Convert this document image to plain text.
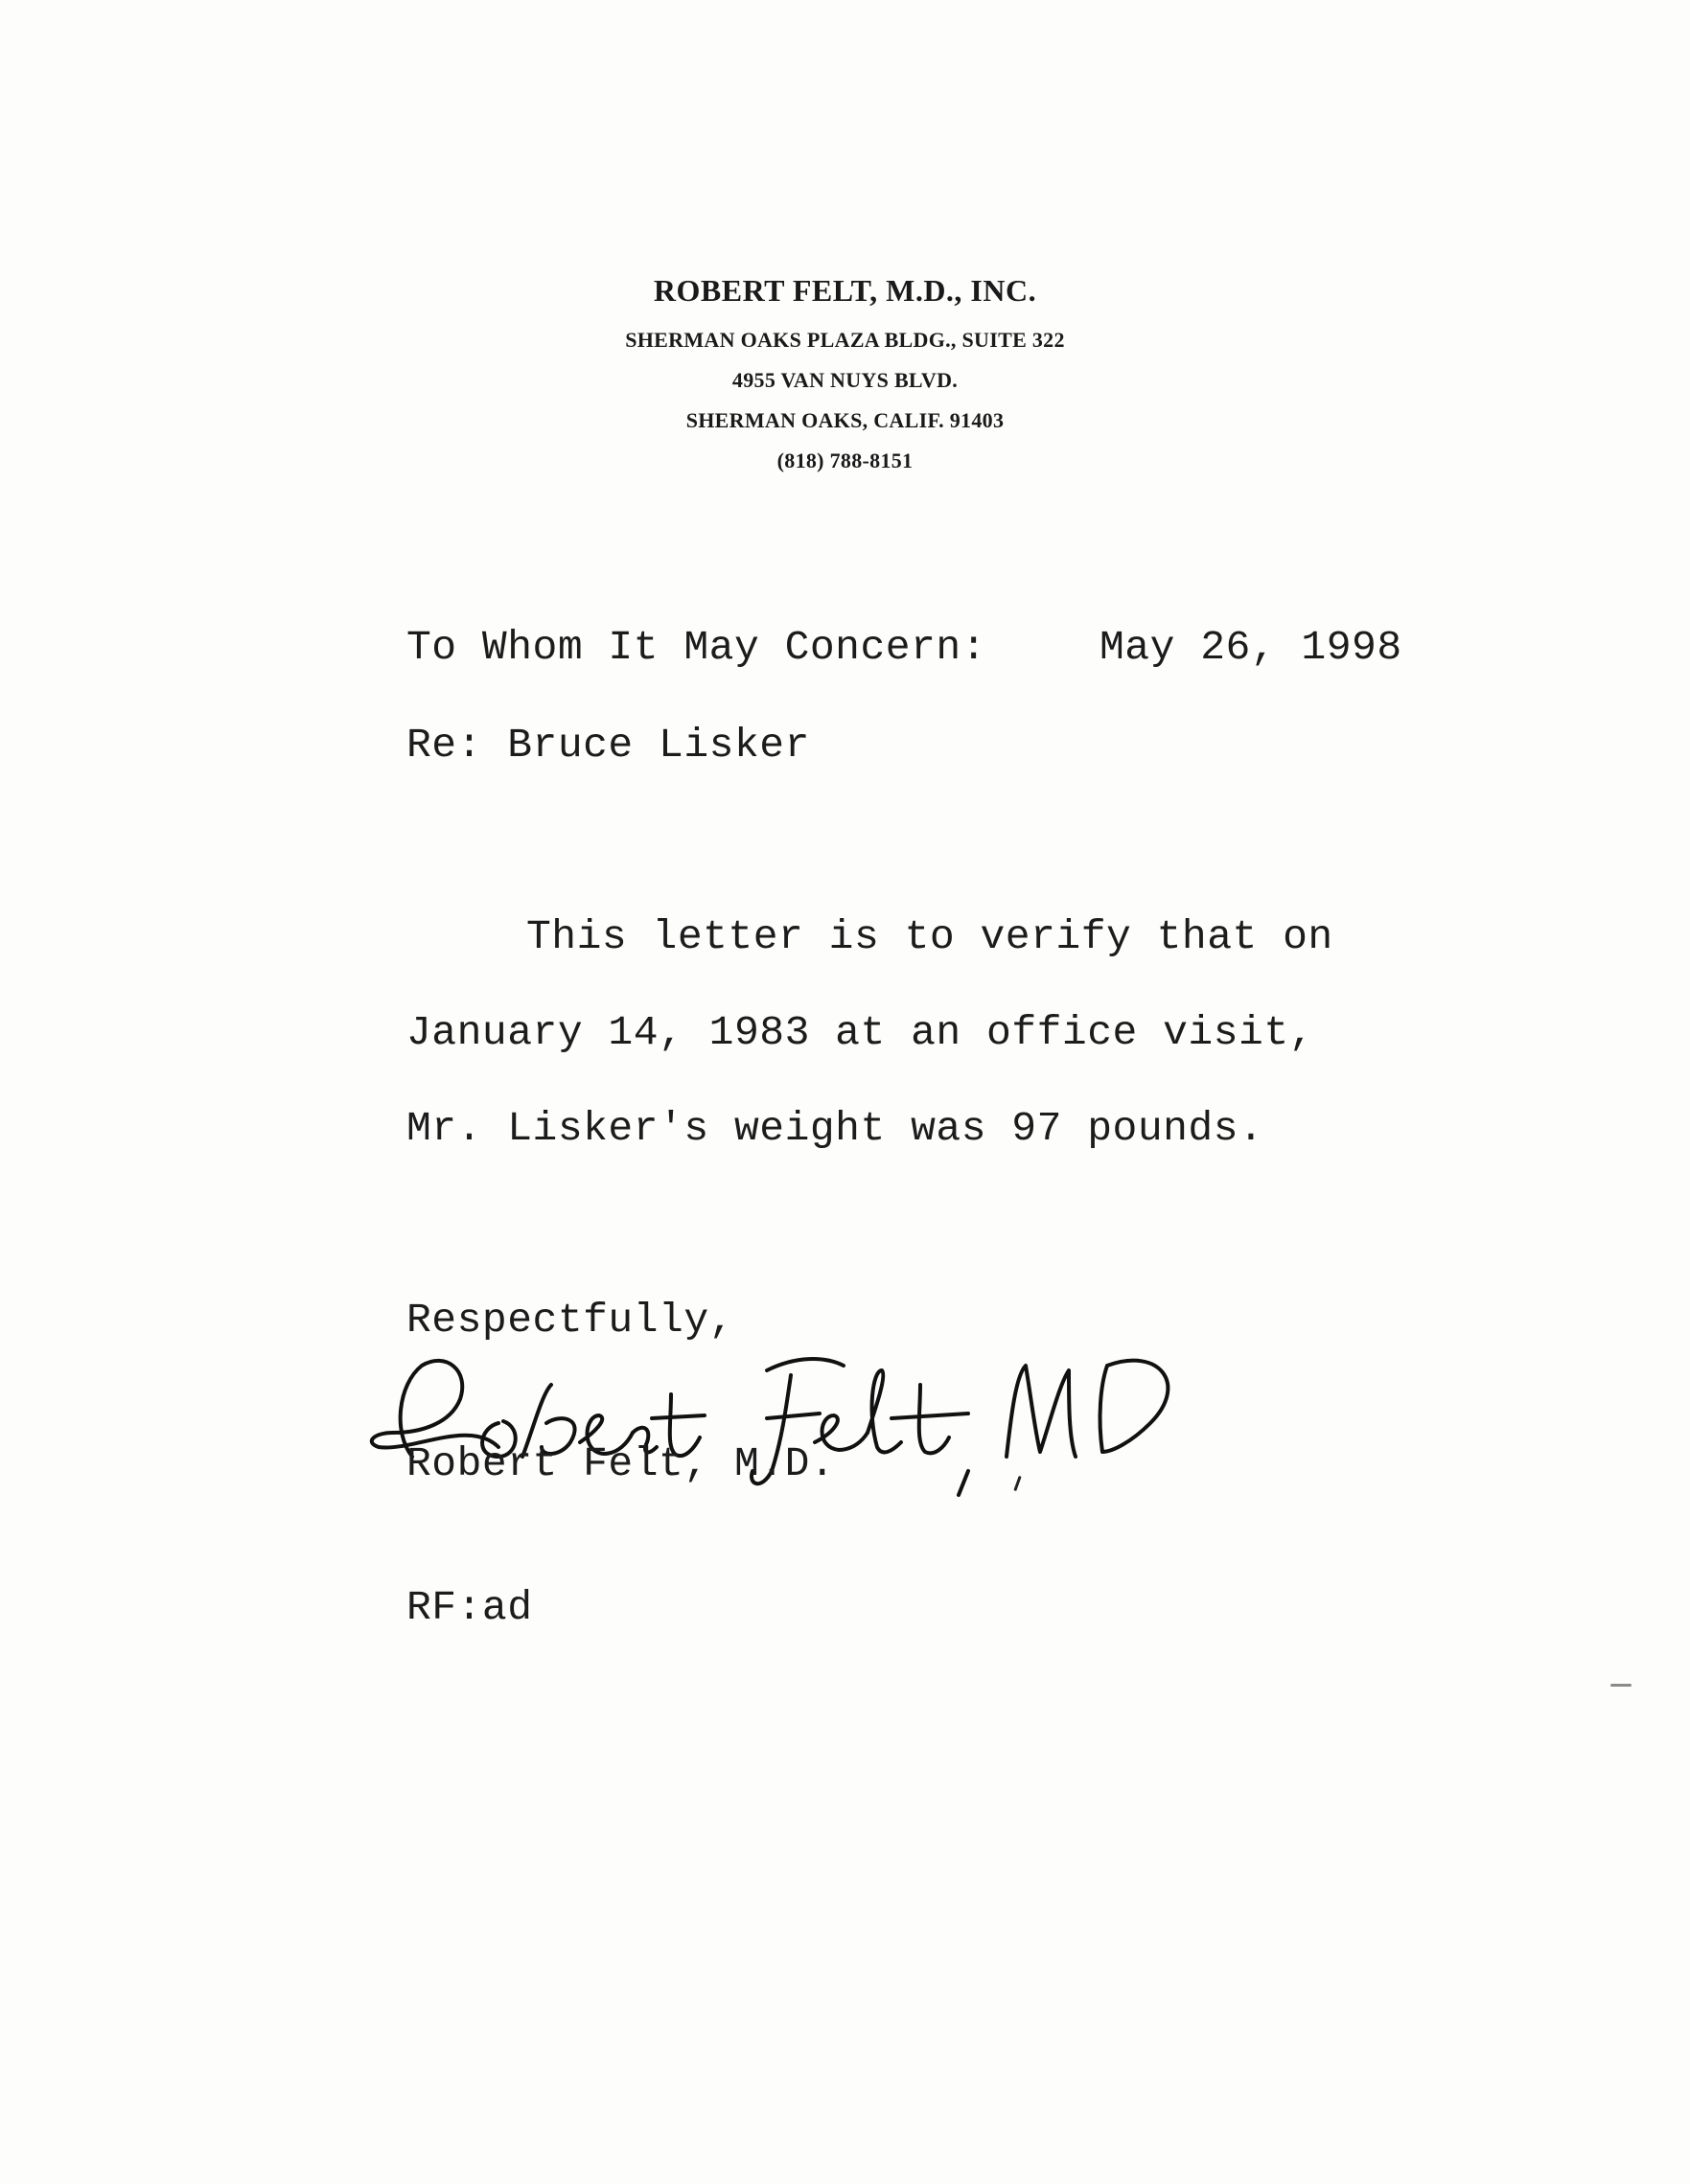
ROBERT FELT, M.D., INC.
SHERMAN OAKS PLAZA BLDG., SUITE 322
4955 VAN NUYS BLVD.
SHERMAN OAKS, CALIF. 91403
(818) 788-8151
To Whom It May Concern:	May 26, 1998
Re: Bruce Lisker
This letter is to verify that on
January 14, 1983 at an office visit,
Mr. Lisker's weight was 97 pounds.
Respectfully,
Robert Felt, M.D.
RF:ad
